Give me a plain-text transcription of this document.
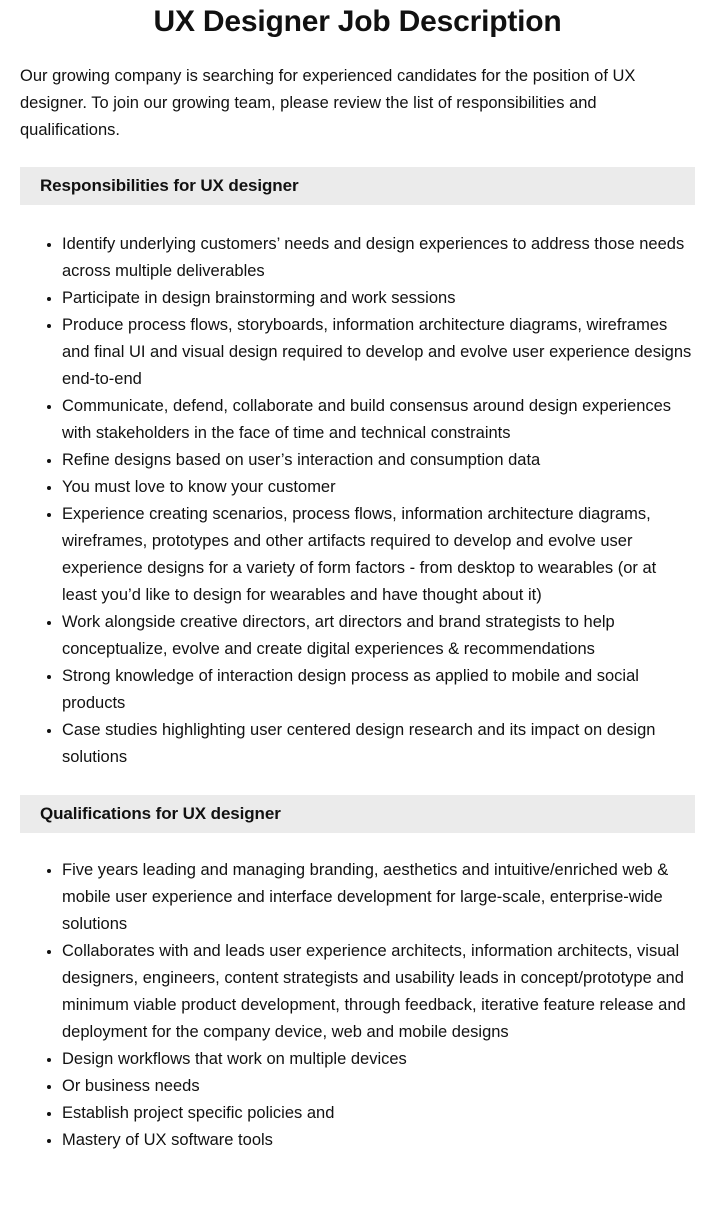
UX Designer Job Description

Our growing company is searching for experienced candidates for the position of UX designer. To join our growing team, please review the list of responsibilities and qualifications.

Responsibilities for UX designer
• Identify underlying customers’ needs and design experiences to address those needs across multiple deliverables
• Participate in design brainstorming and work sessions
• Produce process flows, storyboards, information architecture diagrams, wireframes and final UI and visual design required to develop and evolve user experience designs end-to-end
• Communicate, defend, collaborate and build consensus around design experiences with stakeholders in the face of time and technical constraints
• Refine designs based on user’s interaction and consumption data
• You must love to know your customer
• Experience creating scenarios, process flows, information architecture diagrams, wireframes, prototypes and other artifacts required to develop and evolve user experience designs for a variety of form factors - from desktop to wearables (or at least you’d like to design for wearables and have thought about it)
• Work alongside creative directors, art directors and brand strategists to help conceptualize, evolve and create digital experiences & recommendations
• Strong knowledge of interaction design process as applied to mobile and social products
• Case studies highlighting user centered design research and its impact on design solutions
Qualifications for UX designer
• Five years leading and managing branding, aesthetics and intuitive/enriched web & mobile user experience and interface development for large-scale, enterprise-wide solutions
• Collaborates with and leads user experience architects, information architects, visual designers, engineers, content strategists and usability leads in concept/prototype and minimum viable product development, through feedback, iterative feature release and deployment for the company device, web and mobile designs
• Design workflows that work on multiple devices
• Or business needs
• Establish project specific policies and
• Mastery of UX software tools
